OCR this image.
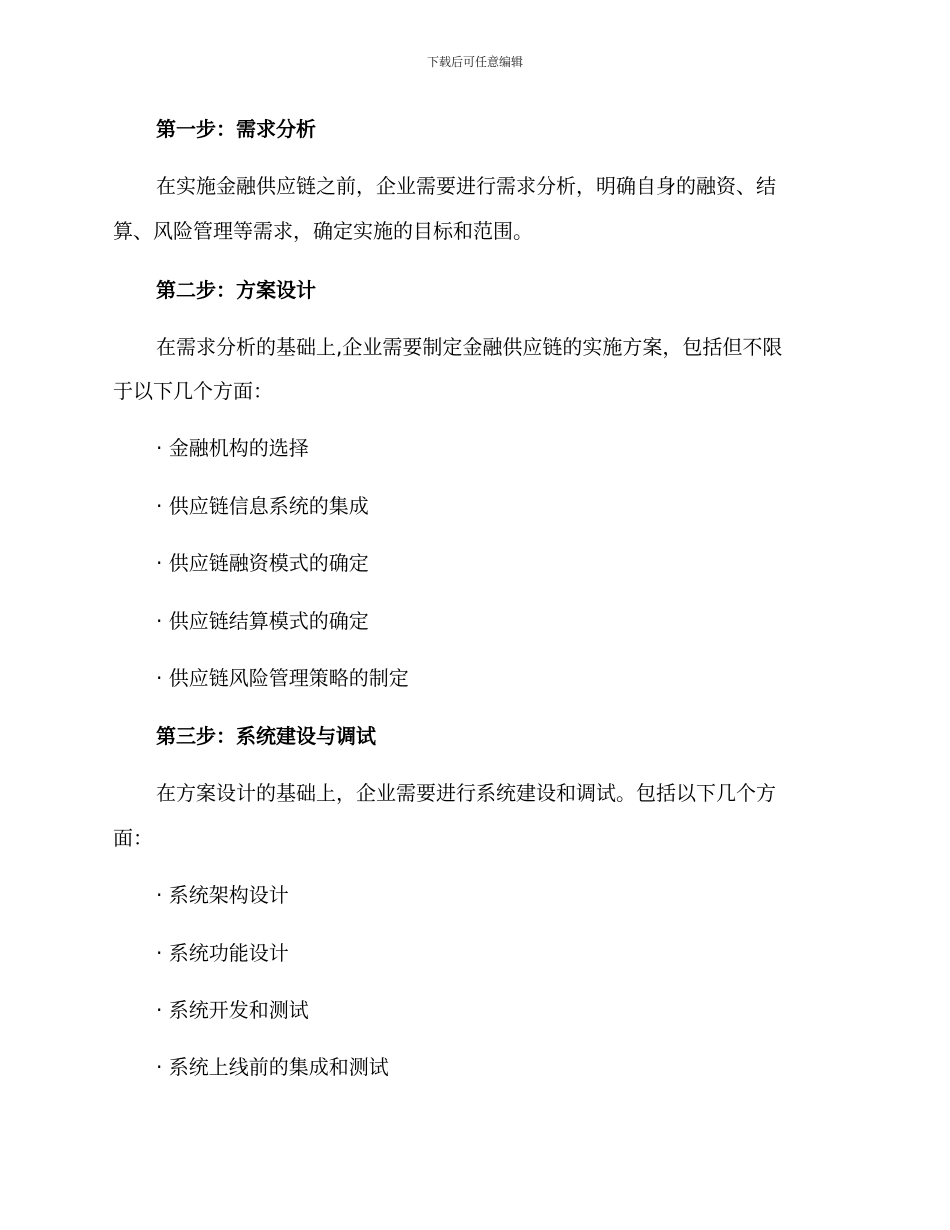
下载后可任意编辑
第一步：需求分析
在实施金融供应链之前，企业需要进行需求分析，明确自身的融资、结
算、风险管理等需求，确定实施的目标和范围。
第二步：方案设计
在需求分析的基础上,企业需要制定金融供应链的实施方案，包括但不限
于以下几个方面：
· 金融机构的选择
· 供应链信息系统的集成
· 供应链融资模式的确定
· 供应链结算模式的确定
· 供应链风险管理策略的制定
第三步：系统建设与调试
在方案设计的基础上，企业需要进行系统建设和调试。包括以下几个方
面：
· 系统架构设计
· 系统功能设计
· 系统开发和测试
· 系统上线前的集成和测试
